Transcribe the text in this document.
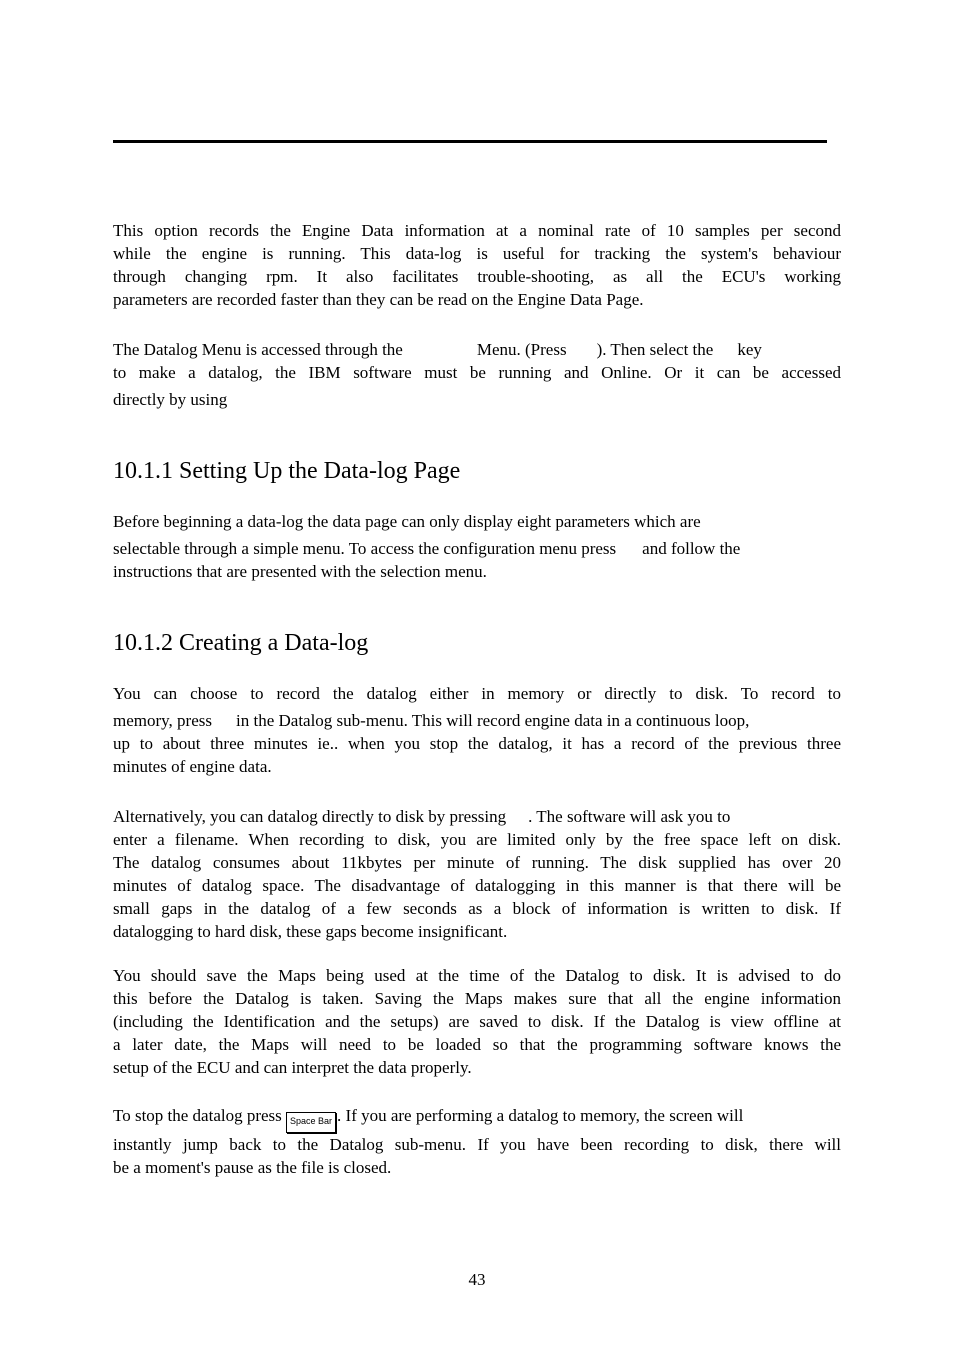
This option records the Engine Data information at a nominal rate of 10 samples per second
while the engine is running. This data-log is useful for tracking the system's behaviour
through changing rpm. It also facilitates trouble-shooting, as all the ECU's working
parameters are recorded faster than they can be read on the Engine Data Page.
The Datalog Menu is accessed through the	Menu. (Press ). Then select the key
to make a datalog, the IBM software must be running and Online. Or it can be accessed
directly by using
10.1.1 Setting Up the Data-log Page
Before beginning a data-log the data page can only display eight parameters which are
selectable through a simple menu. To access the configuration menu press and follow the
instructions that are presented with the selection menu.
10.1.2 Creating a Data-log
You can choose to record the datalog either in memory or directly to disk. To record to
memory, press in the Datalog sub-menu. This will record engine data in a continuous loop,
up to about three minutes ie.. when you stop the datalog, it has a record of the previous three
minutes of engine data.
Alternatively, you can datalog directly to disk by pressing . The software will ask you to
enter a filename. When recording to disk, you are limited only by the free space left on disk.
The datalog consumes about 11kbytes per minute of running. The disk supplied has over 20
minutes of datalog space. The disadvantage of datalogging in this manner is that there will be
small gaps in the datalog of a few seconds as a block of information is written to disk. If
datalogging to hard disk, these gaps become insignificant.
You should save the Maps being used at the time of the Datalog to disk. It is advised to do
this before the Datalog is taken. Saving the Maps makes sure that all the engine information
(including the Identification and the setups) are saved to disk. If the Datalog is view offline at
a later date, the Maps will need to be loaded so that the programming software knows the
setup of the ECU and can interpret the data properly.
To stop the datalog press Space Bar . If you are performing a datalog to memory, the screen will
instantly jump back to the Datalog sub-menu. If you have been recording to disk, there will
be a moment's pause as the file is closed.
43
